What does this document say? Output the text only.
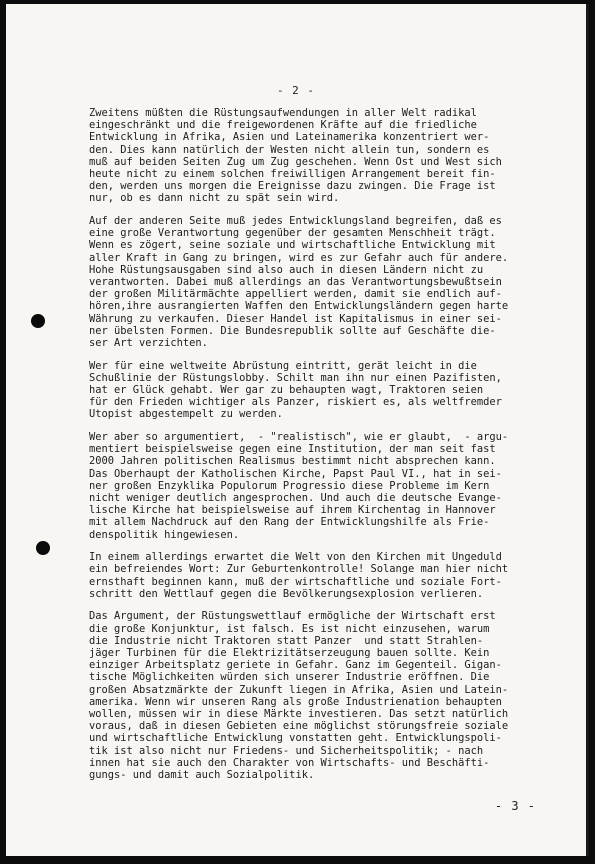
- 2 -
Zweitens müßten die Rüstungsaufwendungen in aller Welt radikal
eingeschränkt und die freigewordenen Kräfte auf die friedliche
Entwicklung in Afrika, Asien und Lateinamerika konzentriert wer-
den. Dies kann natürlich der Westen nicht allein tun, sondern es
muß auf beiden Seiten Zug um Zug geschehen. Wenn Ost und West sich
heute nicht zu einem solchen freiwilligen Arrangement bereit fin-
den, werden uns morgen die Ereignisse dazu zwingen. Die Frage ist
nur, ob es dann nicht zu spät sein wird.
Auf der anderen Seite muß jedes Entwicklungsland begreifen, daß es
eine große Verantwortung gegenüber der gesamten Menschheit trägt.
Wenn es zögert, seine soziale und wirtschaftliche Entwicklung mit
aller Kraft in Gang zu bringen, wird es zur Gefahr auch für andere.
Hohe Rüstungsausgaben sind also auch in diesen Ländern nicht zu
verantworten. Dabei muß allerdings an das Verantwortungsbewußtsein
der großen Militärmächte appelliert werden, damit sie endlich auf-
hören,ihre ausrangierten Waffen den Entwicklungsländern gegen harte
Währung zu verkaufen. Dieser Handel ist Kapitalismus in einer sei-
ner übelsten Formen. Die Bundesrepublik sollte auf Geschäfte die-
ser Art verzichten.
Wer für eine weltweite Abrüstung eintritt, gerät leicht in die
Schußlinie der Rüstungslobby. Schilt man ihn nur einen Pazifisten,
hat er Glück gehabt. Wer gar zu behaupten wagt, Traktoren seien
für den Frieden wichtiger als Panzer, riskiert es, als weltfremder
Utopist abgestempelt zu werden.
Wer aber so argumentiert,  - "realistisch", wie er glaubt,  - argu-
mentiert beispielsweise gegen eine Institution, der man seit fast
2000 Jahren politischen Realismus bestimmt nicht absprechen kann.
Das Oberhaupt der Katholischen Kirche, Papst Paul VI., hat in sei-
ner großen Enzyklika Populorum Progressio diese Probleme im Kern
nicht weniger deutlich angesprochen. Und auch die deutsche Evange-
lische Kirche hat beispielsweise auf ihrem Kirchentag in Hannover
mit allem Nachdruck auf den Rang der Entwicklungshilfe als Frie-
denspolitik hingewiesen.
In einem allerdings erwartet die Welt von den Kirchen mit Ungeduld
ein befreiendes Wort: Zur Geburtenkontrolle! Solange man hier nicht
ernsthaft beginnen kann, muß der wirtschaftliche und soziale Fort-
schritt den Wettlauf gegen die Bevölkerungsexplosion verlieren.
Das Argument, der Rüstungswettlauf ermögliche der Wirtschaft erst
die große Konjunktur, ist falsch. Es ist nicht einzusehen, warum
die Industrie nicht Traktoren statt Panzer  und statt Strahlen-
jäger Turbinen für die Elektrizitätserzeugung bauen sollte. Kein
einziger Arbeitsplatz geriete in Gefahr. Ganz im Gegenteil. Gigan-
tische Möglichkeiten würden sich unserer Industrie eröffnen. Die
großen Absatzmärkte der Zukunft liegen in Afrika, Asien und Latein-
amerika. Wenn wir unseren Rang als große Industrienation behaupten
wollen, müssen wir in diese Märkte investieren. Das setzt natürlich
voraus, daß in diesen Gebieten eine möglichst störungsfreie soziale
und wirtschaftliche Entwicklung vonstatten geht. Entwicklungspoli-
tik ist also nicht nur Friedens- und Sicherheitspolitik; - nach
innen hat sie auch den Charakter von Wirtschafts- und Beschäfti-
gungs- und damit auch Sozialpolitik.
- 3 -
